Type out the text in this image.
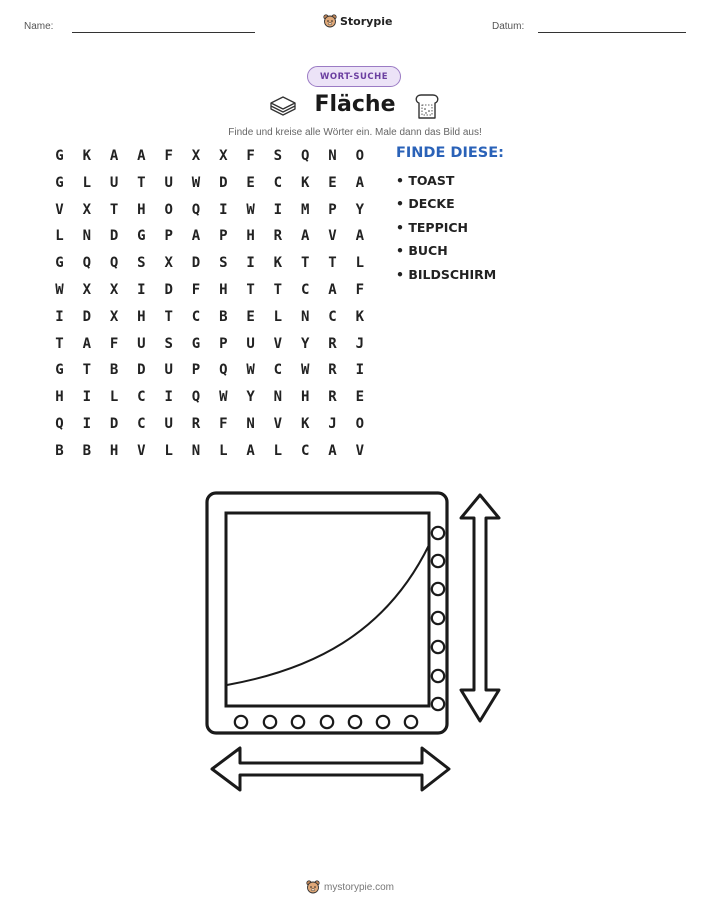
Name:	Storypie	Datum:
WORT-SUCHE
Fläche
Finde und kreise alle Wörter ein. Male dann das Bild aus!
G	K	A	A	F	X	X	F	S	Q	N	O
G	L	U	T	U	W	D	E	C	K	E	A
V	X	T	H	O	Q	I	W	I	M	P	Y
L	N	D	G	P	A	P	H	R	A	V	A
G	Q	Q	S	X	D	S	I	K	T	T	L
W	X	X	I	D	F	H	T	T	C	A	F
I	D	X	H	T	C	B	E	L	N	C	K
T	A	F	U	S	G	P	U	V	Y	R	J
G	T	B	D	U	P	Q	W	C	W	R	I
H	I	L	C	I	Q	W	Y	N	H	R	E
Q	I	D	C	U	R	F	N	V	K	J	O
B	B	H	V	L	N	L	A	L	C	A	V
FINDE DIESE:
• TOAST
• DECKE
• TEPPICH
• BUCH
• BILDSCHIRM
mystorypie.com
